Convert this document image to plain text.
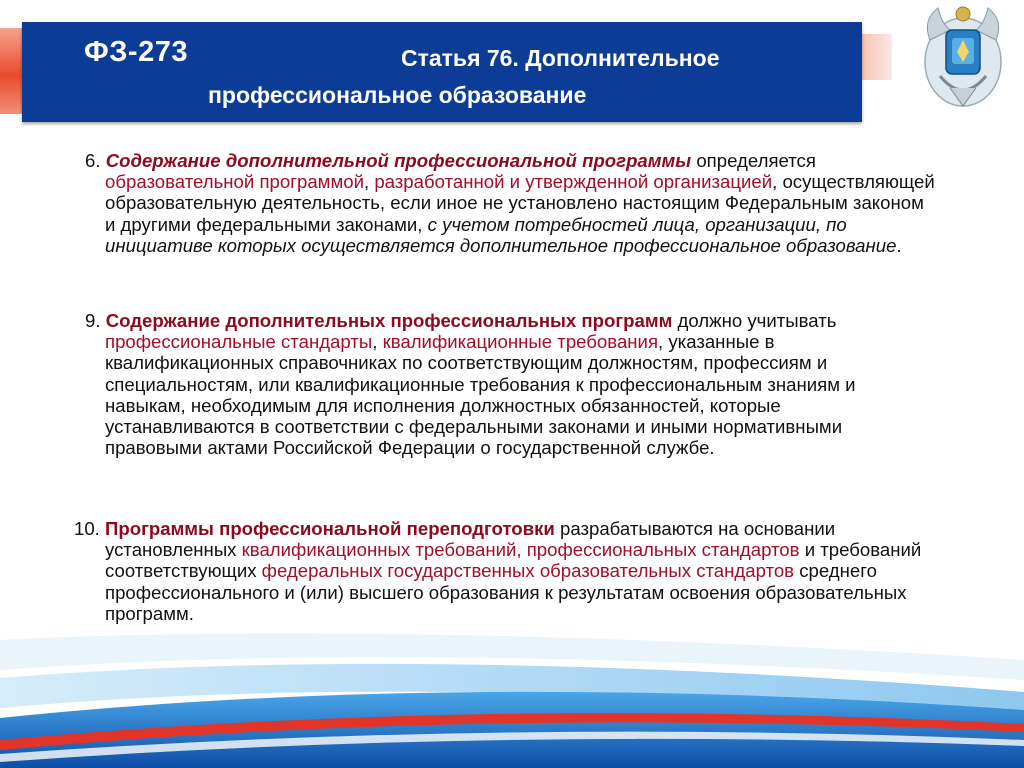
ФЗ-273	Статья 76. Дополнительное
профессиональное образование

6. Содержание дополнительной профессиональной программы определяется образовательной программой, разработанной и утвержденной организацией, осуществляющей образовательную деятельность, если иное не установлено настоящим Федеральным законом и другими федеральными законами, с учетом потребностей лица, организации, по инициативе которых осуществляется дополнительное профессиональное образование.

9. Содержание дополнительных профессиональных программ должно учитывать профессиональные стандарты, квалификационные требования, указанные в квалификационных справочниках по соответствующим должностям, профессиям и специальностям, или квалификационные требования к профессиональным знаниям и навыкам, необходимым для исполнения должностных обязанностей, которые устанавливаются в соответствии с федеральными законами и иными нормативными правовыми актами Российской Федерации о государственной службе.

10. Программы профессиональной переподготовки разрабатываются на основании установленных квалификационных требований, профессиональных стандартов и требований соответствующих федеральных государственных образовательных стандартов среднего профессионального и (или) высшего образования к результатам освоения образовательных программ.
